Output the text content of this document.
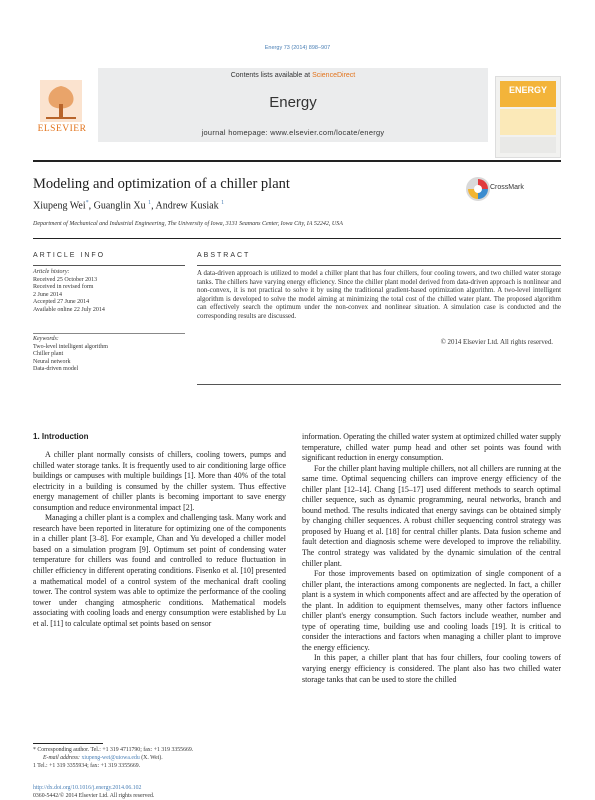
Energy 73 (2014) 898–907
ELSEVIER
Contents lists available at ScienceDirect
Energy
journal homepage: www.elsevier.com/locate/energy
ENERGY
Modeling and optimization of a chiller plant	CrossMark
Xiupeng Wei*, Guanglin Xu $^1$, Andrew Kusiak $^1$
Department of Mechanical and Industrial Engineering, The University of Iowa, 3131 Seamans Center, Iowa City, IA 52242, USA
ARTICLE INFO	ABSTRACT
Article history:
Received 25 October 2013
Received in revised form
2 June 2014
Accepted 27 June 2014
Available online 22 July 2014
Keywords:
Two-level intelligent algorithm
Chiller plant
Neural network
Data-driven model
A data-driven approach is utilized to model a chiller plant that has four chillers, four cooling towers, and two chilled water storage tanks. The chillers have varying energy efficiency. Since the chiller plant model derived from data-driven approach is nonlinear and non-convex, it is not practical to solve it by using the traditional gradient-based optimization algorithm. A two-level intelligent algorithm is developed to solve the model aiming at minimizing the total cost of the chilled water plant. The proposed algorithm can effectively search the optimum under the non-convex and nonlinear situation. A simulation case is conducted and the corresponding results are discussed.
© 2014 Elsevier Ltd. All rights reserved.
1. Introduction

A chiller plant normally consists of chillers, cooling towers, pumps and chilled water storage tanks. It is frequently used to air conditioning large office buildings or campuses with multiple buildings [1]. More than 40% of the total electricity in a building is consumed by the chiller system. Thus effective energy management of chiller plants is becoming important to save energy consumption and reduce environmental impact [2].

Managing a chiller plant is a complex and challenging task. Many work and research have been reported in literature for optimizing one of the components in a chiller plant [3–8]. For example, Chan and Yu developed a chiller model based on a simulation program [9]. Optimum set point of condensing water temperature for chillers was found and controlled to reduce fluctuation in chiller efficiency in different operating conditions. Fisenko et al. [10] presented a mathematical model of a control system of the mechanical draft cooling tower. The control system was able to optimize the performance of the cooling tower under changing atmospheric conditions. Mathematical models associating with cooling loads and energy consumption were established by Lu et al. [11] to calculate optimal set points based on sensor

information. Operating the chilled water system at optimized chilled water supply temperature, chilled water pump head and other set points was found with significant reduction in energy consumption.

For the chiller plant having multiple chillers, not all chillers are running at the same time. Optimal sequencing chillers can improve energy efficiency of the chiller plant [12–14]. Chang [15–17] used different methods to search optimal chiller sequence, such as dynamic programming, neural networks, branch and bound method. The results indicated that energy savings can be obtained simply by changing chiller sequences. A robust chiller sequencing control strategy was proposed by Huang et al. [18] for central chiller plants. Data fusion scheme and fault detection and diagnosis scheme were developed to improve the reliability. The control strategy was validated by the dynamic simulation of the central chiller plant.

For those improvements based on optimization of single component of a chiller plant, the interactions among components are neglected. In fact, a chiller plant is a system in which components affect and are affected by the operation of the plant. In addition to equipment themselves, many other factors influence chiller plant's energy consumption. Such factors include weather, number and type of operating time, building use and cooling loads [19]. It is critical to consider the interactions and factors when managing a chiller plant to improve the energy efficiency.

In this paper, a chiller plant that has four chillers, four cooling towers of varying energy efficiency is considered. The plant also has two chilled water storage tanks that can be used to store the chilled

* Corresponding author. Tel.: +1 319 4711790; fax: +1 319 3355669.
E-mail address: xiupeng-wei@uiowa.edu (X. Wei).
1 Tel.: +1 319 3355934; fax: +1 319 3355669.
http://dx.doi.org/10.1016/j.energy.2014.06.102
0360-5442/© 2014 Elsevier Ltd. All rights reserved.
